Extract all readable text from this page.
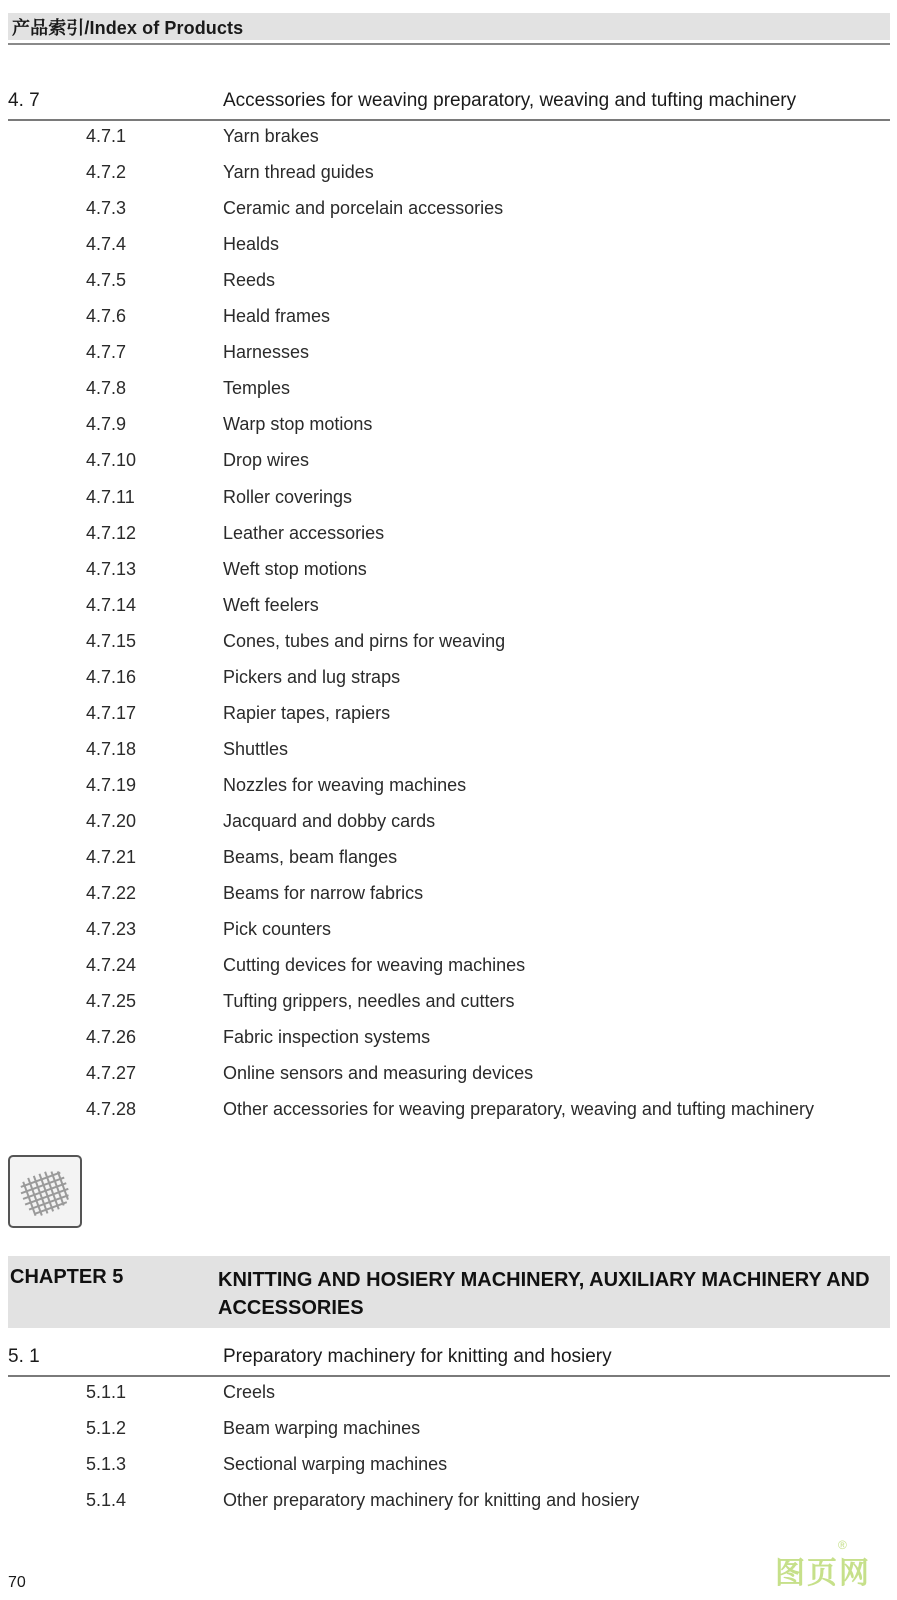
产品索引/Index of Products
4. 7	Accessories for weaving preparatory, weaving and tufting machinery
4.7.1	Yarn brakes
4.7.2	Yarn thread guides
4.7.3	Ceramic and porcelain accessories
4.7.4	Healds
4.7.5	Reeds
4.7.6	Heald frames
4.7.7	Harnesses
4.7.8	Temples
4.7.9	Warp stop motions
4.7.10	Drop wires
4.7.11	Roller coverings
4.7.12	Leather accessories
4.7.13	Weft stop motions
4.7.14	Weft feelers
4.7.15	Cones, tubes and pirns for weaving
4.7.16	Pickers and lug straps
4.7.17	Rapier tapes, rapiers
4.7.18	Shuttles
4.7.19	Nozzles for weaving machines
4.7.20	Jacquard and dobby cards
4.7.21	Beams, beam flanges
4.7.22	Beams for narrow fabrics
4.7.23	Pick counters
4.7.24	Cutting devices for weaving machines
4.7.25	Tufting grippers, needles and cutters
4.7.26	Fabric inspection systems
4.7.27	Online sensors and measuring devices
4.7.28	Other accessories for weaving preparatory, weaving and tufting machinery
CHAPTER 5	KNITTING AND HOSIERY MACHINERY, AUXILIARY MACHINERY AND ACCESSORIES
5. 1	Preparatory machinery for knitting and hosiery
5.1.1	Creels
5.1.2	Beam warping machines
5.1.3	Sectional warping machines
5.1.4	Other preparatory machinery for knitting and hosiery
70	图页网
®
